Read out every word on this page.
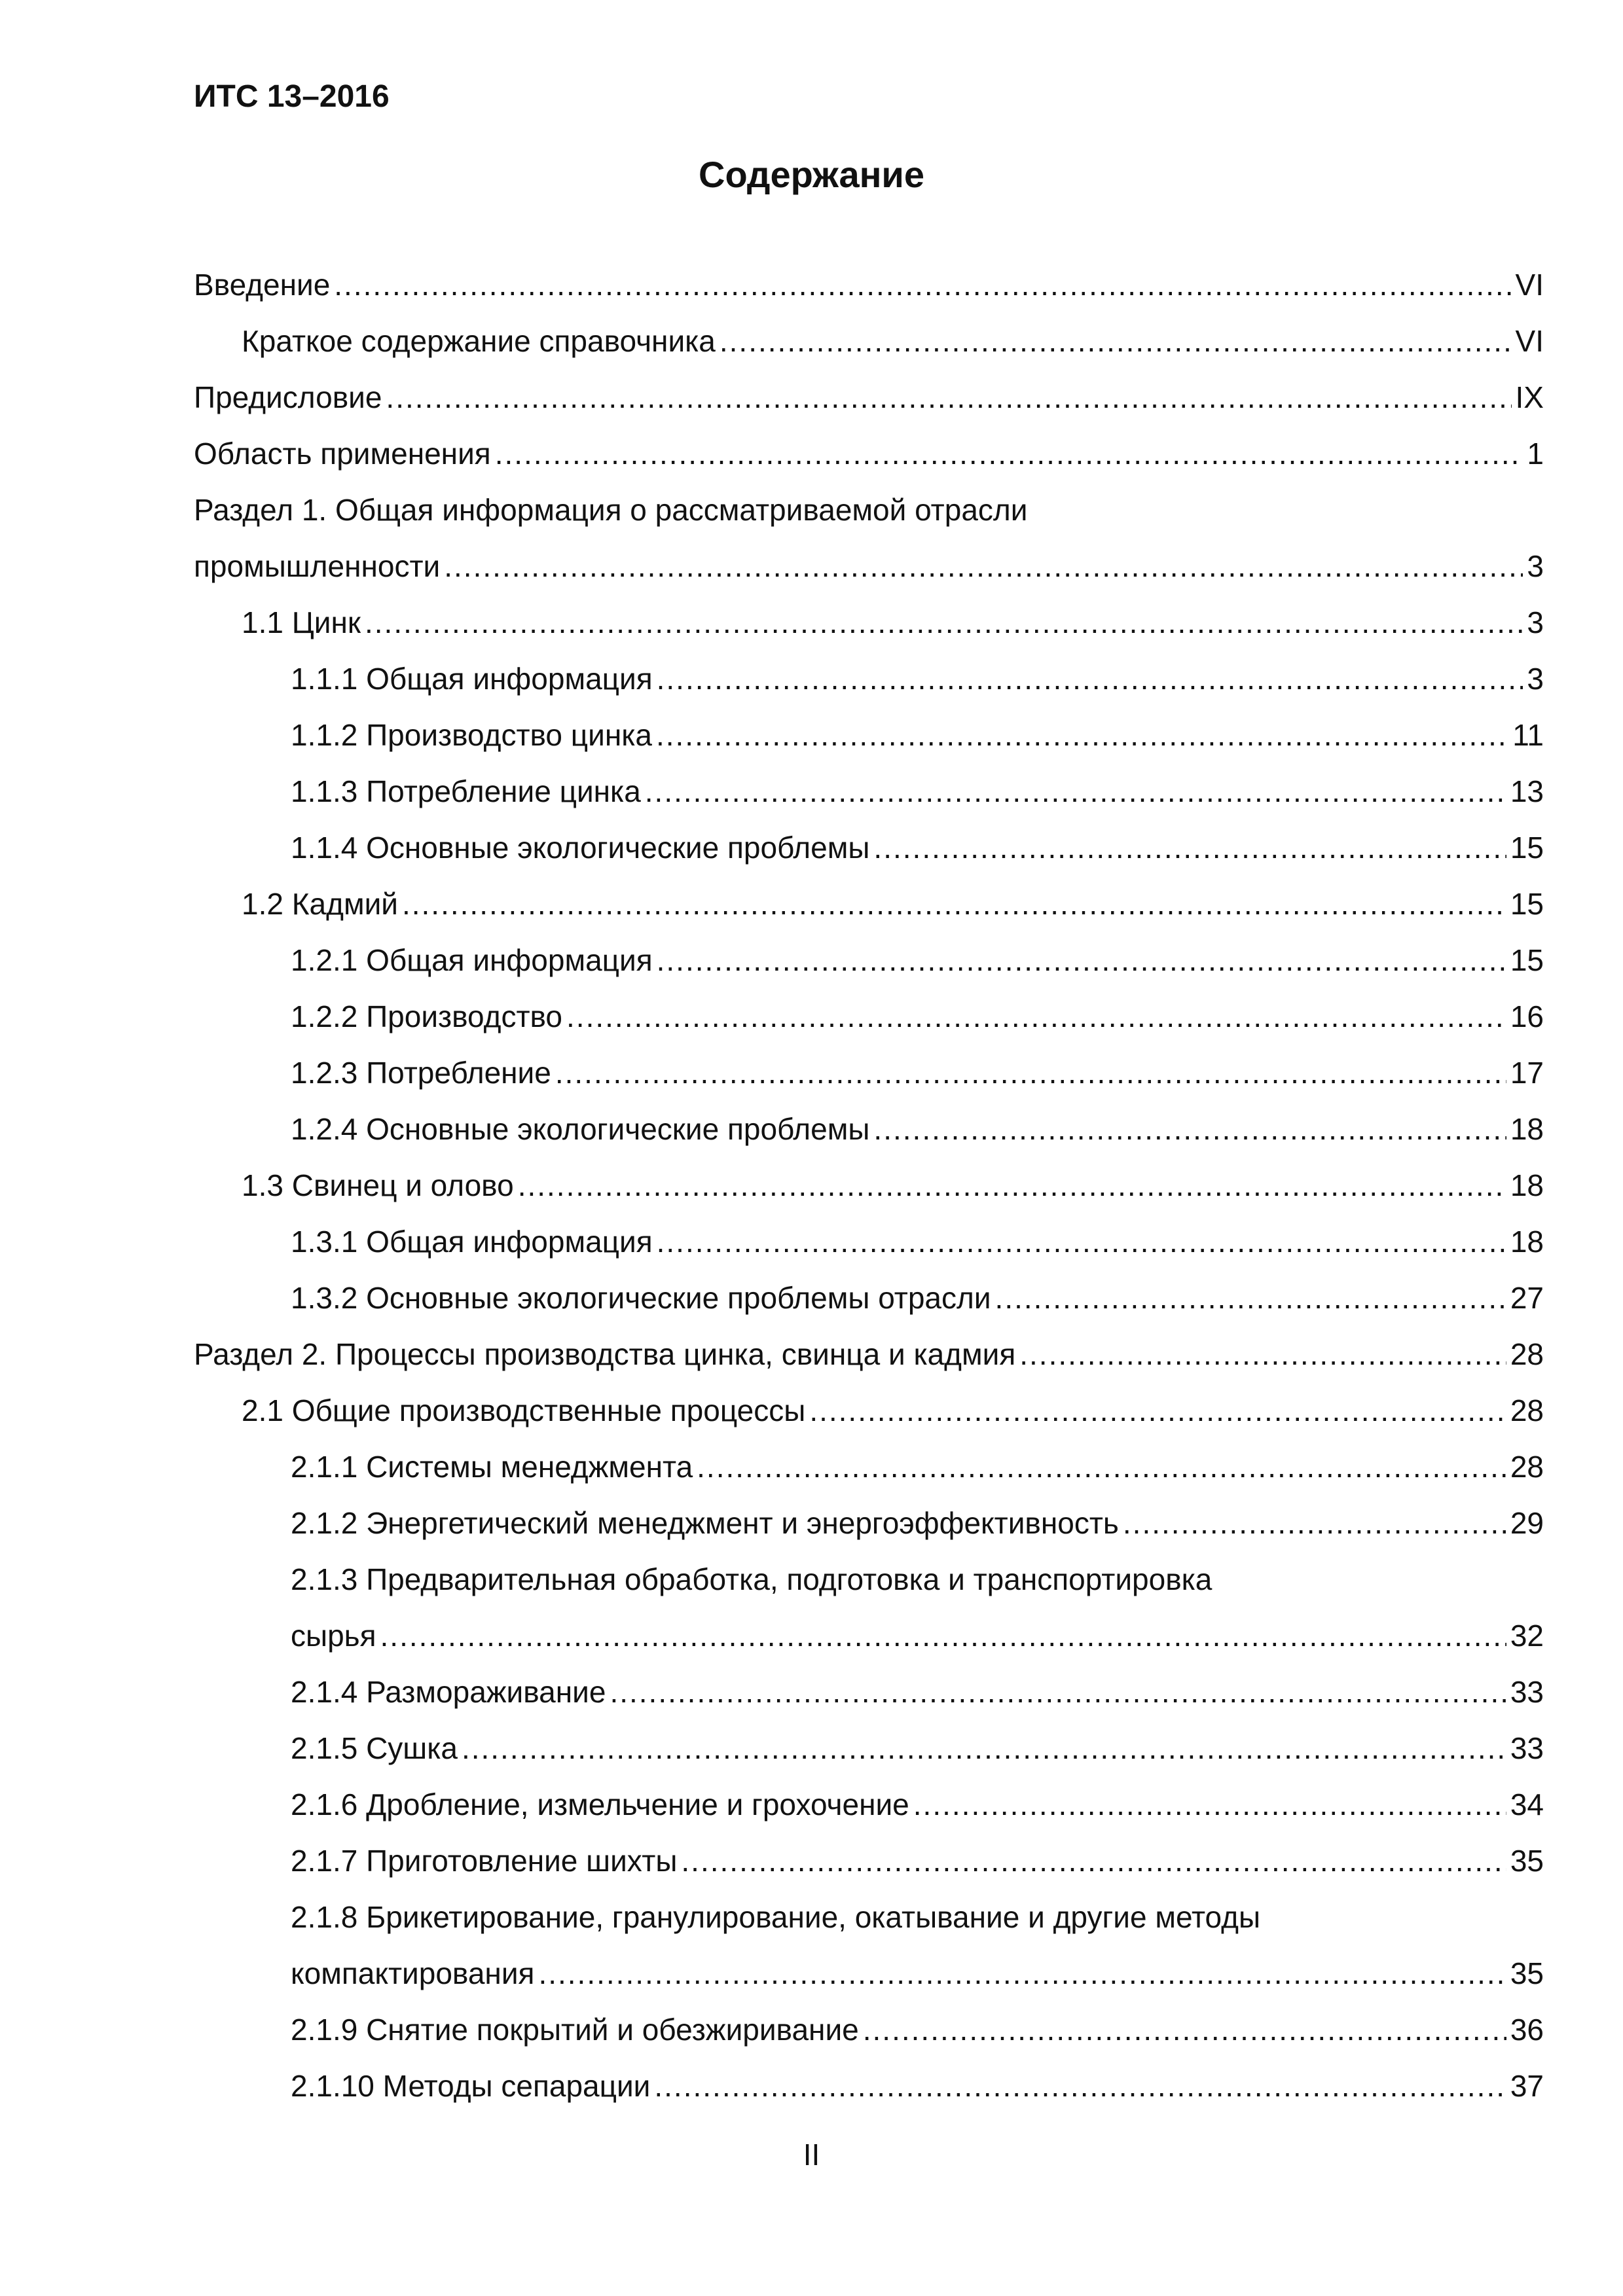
ИТС 13–2016
Содержание
Введение .....	VI
Краткое содержание справочника .....	VI
Предисловие .....	IX
Область применения .....	1
Раздел 1. Общая информация о рассматриваемой отрасли
промышленности .....	3
1.1 Цинк .....	3
1.1.1 Общая информация .....	3
1.1.2 Производство цинка .....	11
1.1.3 Потребление цинка .....	13
1.1.4 Основные экологические проблемы .....	15
1.2 Кадмий .....	15
1.2.1 Общая информация .....	15
1.2.2 Производство .....	16
1.2.3 Потребление .....	17
1.2.4 Основные экологические проблемы .....	18
1.3 Свинец и олово .....	18
1.3.1 Общая информация .....	18
1.3.2 Основные экологические проблемы отрасли .....	27
Раздел 2. Процессы производства цинка, свинца и кадмия .....	28
2.1 Общие производственные процессы .....	28
2.1.1 Системы менеджмента .....	28
2.1.2 Энергетический менеджмент и энергоэффективность .....	29
2.1.3 Предварительная обработка, подготовка и транспортировка
сырья .....	32
2.1.4 Размораживание .....	33
2.1.5 Сушка .....	33
2.1.6 Дробление, измельчение и грохочение .....	34
2.1.7 Приготовление шихты .....	35
2.1.8 Брикетирование, гранулирование, окатывание и другие методы
компактирования .....	35
2.1.9 Снятие покрытий и обезжиривание .....	36
2.1.10 Методы сепарации .....	37
II
